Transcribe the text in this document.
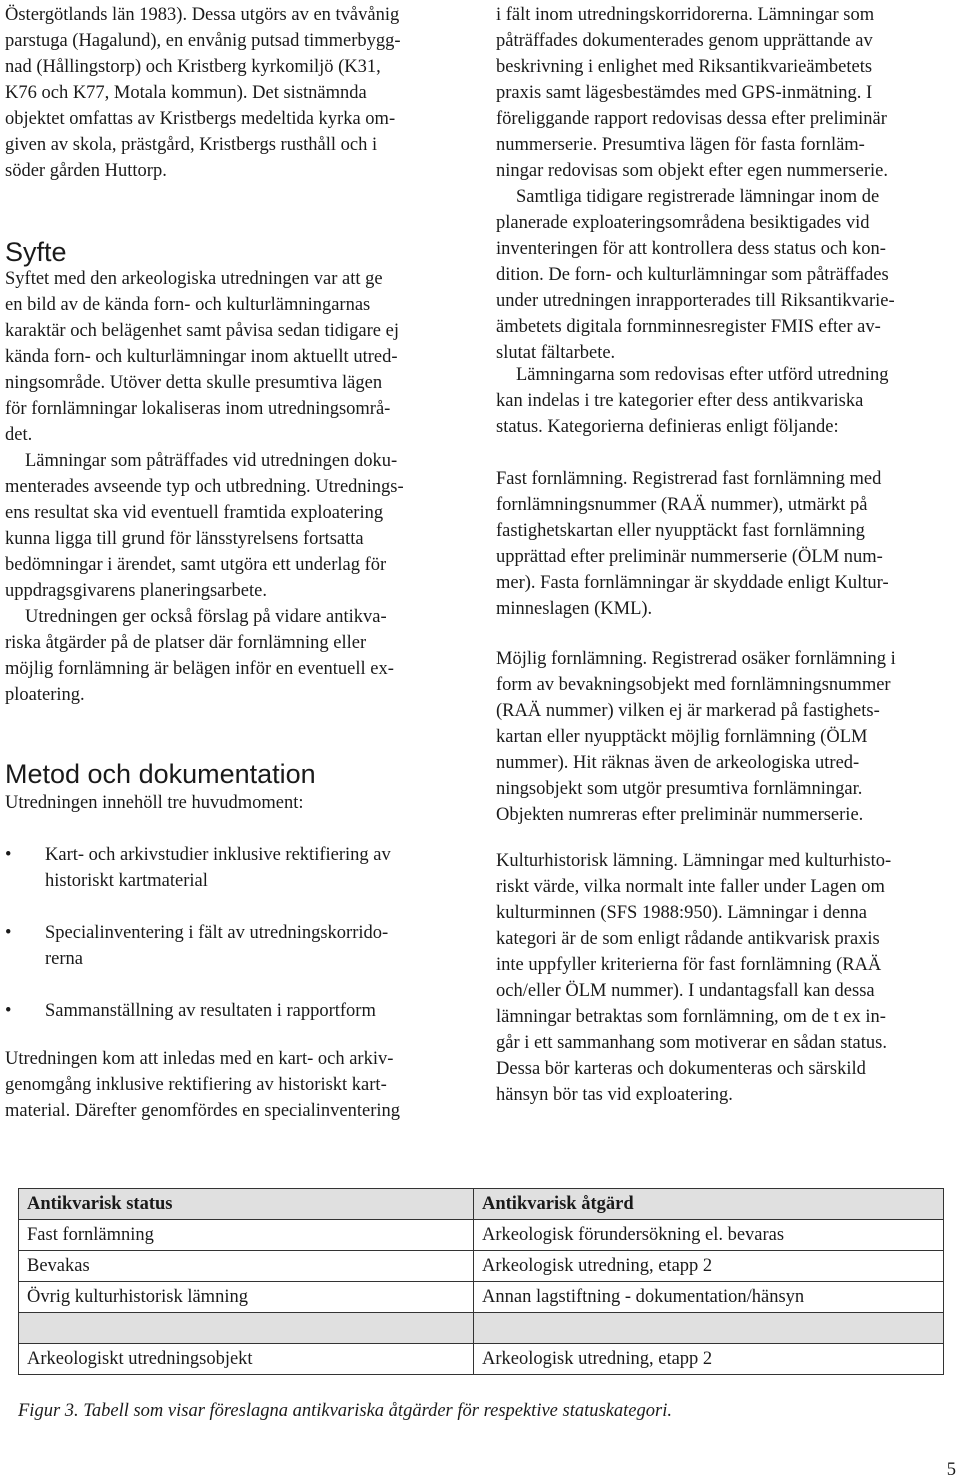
Östergötlands län 1983). Dessa utgörs av en tvåvånig
parstuga (Hagalund), en envånig putsad timmerbygg-
nad (Hållingstorp) och Kristberg kyrkomiljö (K31,
K76 och K77, Motala kommun). Det sistnämnda
objektet omfattas av Kristbergs medeltida kyrka om-
given av skola, prästgård, Kristbergs rusthåll och i
söder gården Huttorp.

Syfte

Syftet med den arkeologiska utredningen var att ge
en bild av de kända forn- och kulturlämningarnas
karaktär och belägenhet samt påvisa sedan tidigare ej
kända forn- och kulturlämningar inom aktuellt utred-
ningsområde. Utöver detta skulle presumtiva lägen
för fornlämningar lokaliseras inom utredningsområ-
det.

Lämningar som påträffades vid utredningen doku-
menterades avseende typ och utbredning. Utrednings-
ens resultat ska vid eventuell framtida exploatering
kunna ligga till grund för länsstyrelsens fortsatta
bedömningar i ärendet, samt utgöra ett underlag för
uppdragsgivarens planeringsarbete.

Utredningen ger också förslag på vidare antikva-
riska åtgärder på de platser där fornlämning eller
möjlig fornlämning är belägen inför en eventuell ex-
ploatering.

Metod och dokumentation

Utredningen innehöll tre huvudmoment:

• Kart- och arkivstudier inklusive rektifiering av
historiskt kartmaterial
• Specialinventering i fält av utredningskorrido-
rerna
• Sammanställning av resultaten i rapportform

Utredningen kom att inledas med en kart- och arkiv-
genomgång inklusive rektifiering av historiskt kart-
material. Därefter genomfördes en specialinventering

i fält inom utredningskorridorerna. Lämningar som
påträffades dokumenterades genom upprättande av
beskrivning i enlighet med Riksantikvarieämbetets
praxis samt lägesbestämdes med GPS-inmätning. I
föreliggande rapport redovisas dessa efter preliminär
nummerserie. Presumtiva lägen för fasta fornläm-
ningar redovisas som objekt efter egen nummerserie.

Samtliga tidigare registrerade lämningar inom de
planerade exploateringsområdena besiktigades vid
inventeringen för att kontrollera dess status och kon-
dition. De forn- och kulturlämningar som påträffades
under utredningen inrapporterades till Riksantikvarie-
ämbetets digitala fornminnesregister FMIS efter av-
slutat fältarbete.

Lämningarna som redovisas efter utförd utredning
kan indelas i tre kategorier efter dess antikvariska
status. Kategorierna definieras enligt följande:

Fast fornlämning. Registrerad fast fornlämning med
fornlämningsnummer (RAÄ nummer), utmärkt på
fastighetskartan eller nyupptäckt fast fornlämning
upprättad efter preliminär nummerserie (ÖLM num-
mer). Fasta fornlämningar är skyddade enligt Kultur-
minneslagen (KML).

Möjlig fornlämning. Registrerad osäker fornlämning i
form av bevakningsobjekt med fornlämningsnummer
(RAÄ nummer) vilken ej är markerad på fastighets-
kartan eller nyupptäckt möjlig fornlämning (ÖLM
nummer). Hit räknas även de arkeologiska utred-
ningsobjekt som utgör presumtiva fornlämningar.
Objekten numreras efter preliminär nummerserie.

Kulturhistorisk lämning. Lämningar med kulturhisto-
riskt värde, vilka normalt inte faller under Lagen om
kulturminnen (SFS 1988:950). Lämningar i denna
kategori är de som enligt rådande antikvarisk praxis
inte uppfyller kriterierna för fast fornlämning (RAÄ
och/eller ÖLM nummer). I undantagsfall kan dessa
lämningar betraktas som fornlämning, om de t ex in-
går i ett sammanhang som motiverar en sådan status.
Dessa bör karteras och dokumenteras och särskild
hänsyn bör tas vid exploatering.

Antikvarisk status	Antikvarisk åtgärd
Fast fornlämning	Arkeologisk förundersökning el. bevaras
Bevakas	Arkeologisk utredning, etapp 2
Övrig kulturhistorisk lämning	Annan lagstiftning - dokumentation/hänsyn

Arkeologiskt utredningsobjekt	Arkeologisk utredning, etapp 2
Figur 3. Tabell som visar föreslagna antikvariska åtgärder för respektive statuskategori.
5
